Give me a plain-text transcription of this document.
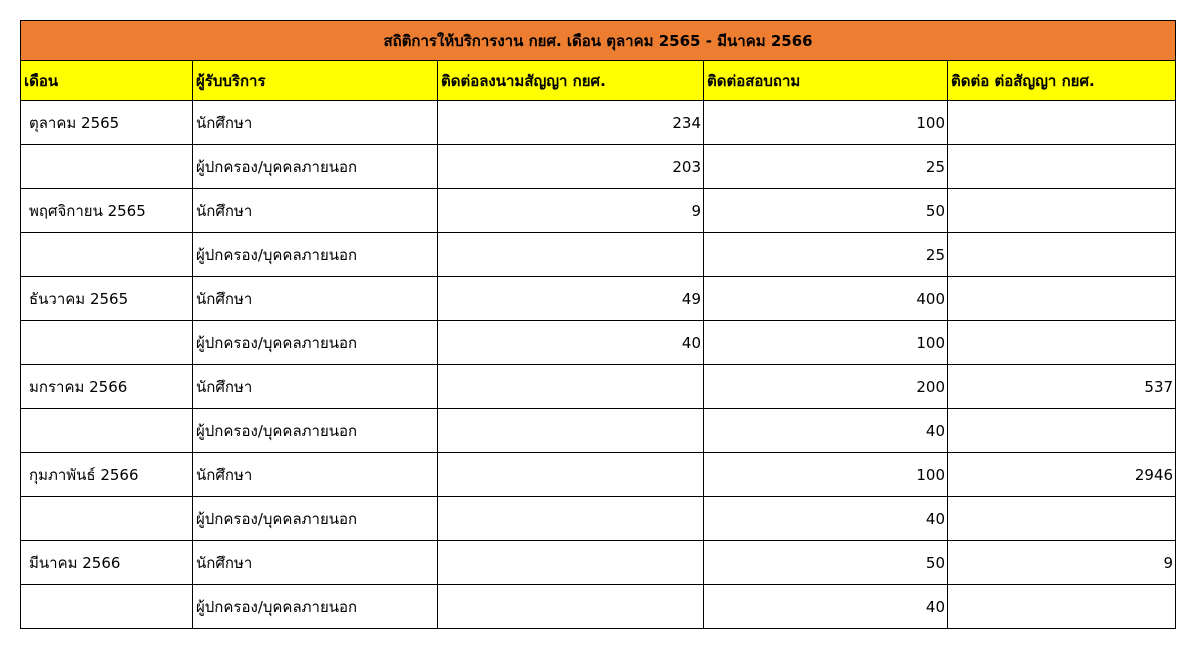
สถิติการให้บริการงาน กยศ. เดือน ตุลาคม 2565 - มีนาคม 2566				
เดือน	ผู้รับบริการ	ติดต่อลงนามสัญญา กยศ.	ติดต่อสอบถาม	ติดต่อ ต่อสัญญา กยศ.
ตุลาคม 2565	นักศึกษา	234	100	
	ผู้ปกครอง/บุคคลภายนอก	203	25	
พฤศจิกายน 2565	นักศึกษา	9	50	
	ผู้ปกครอง/บุคคลภายนอก		25	
ธันวาคม 2565	นักศึกษา	49	400	
	ผู้ปกครอง/บุคคลภายนอก	40	100	
มกราคม 2566	นักศึกษา		200	537
	ผู้ปกครอง/บุคคลภายนอก		40	
กุมภาพันธ์ 2566	นักศึกษา		100	2946
	ผู้ปกครอง/บุคคลภายนอก		40	
มีนาคม 2566	นักศึกษา		50	9
	ผู้ปกครอง/บุคคลภายนอก		40	
